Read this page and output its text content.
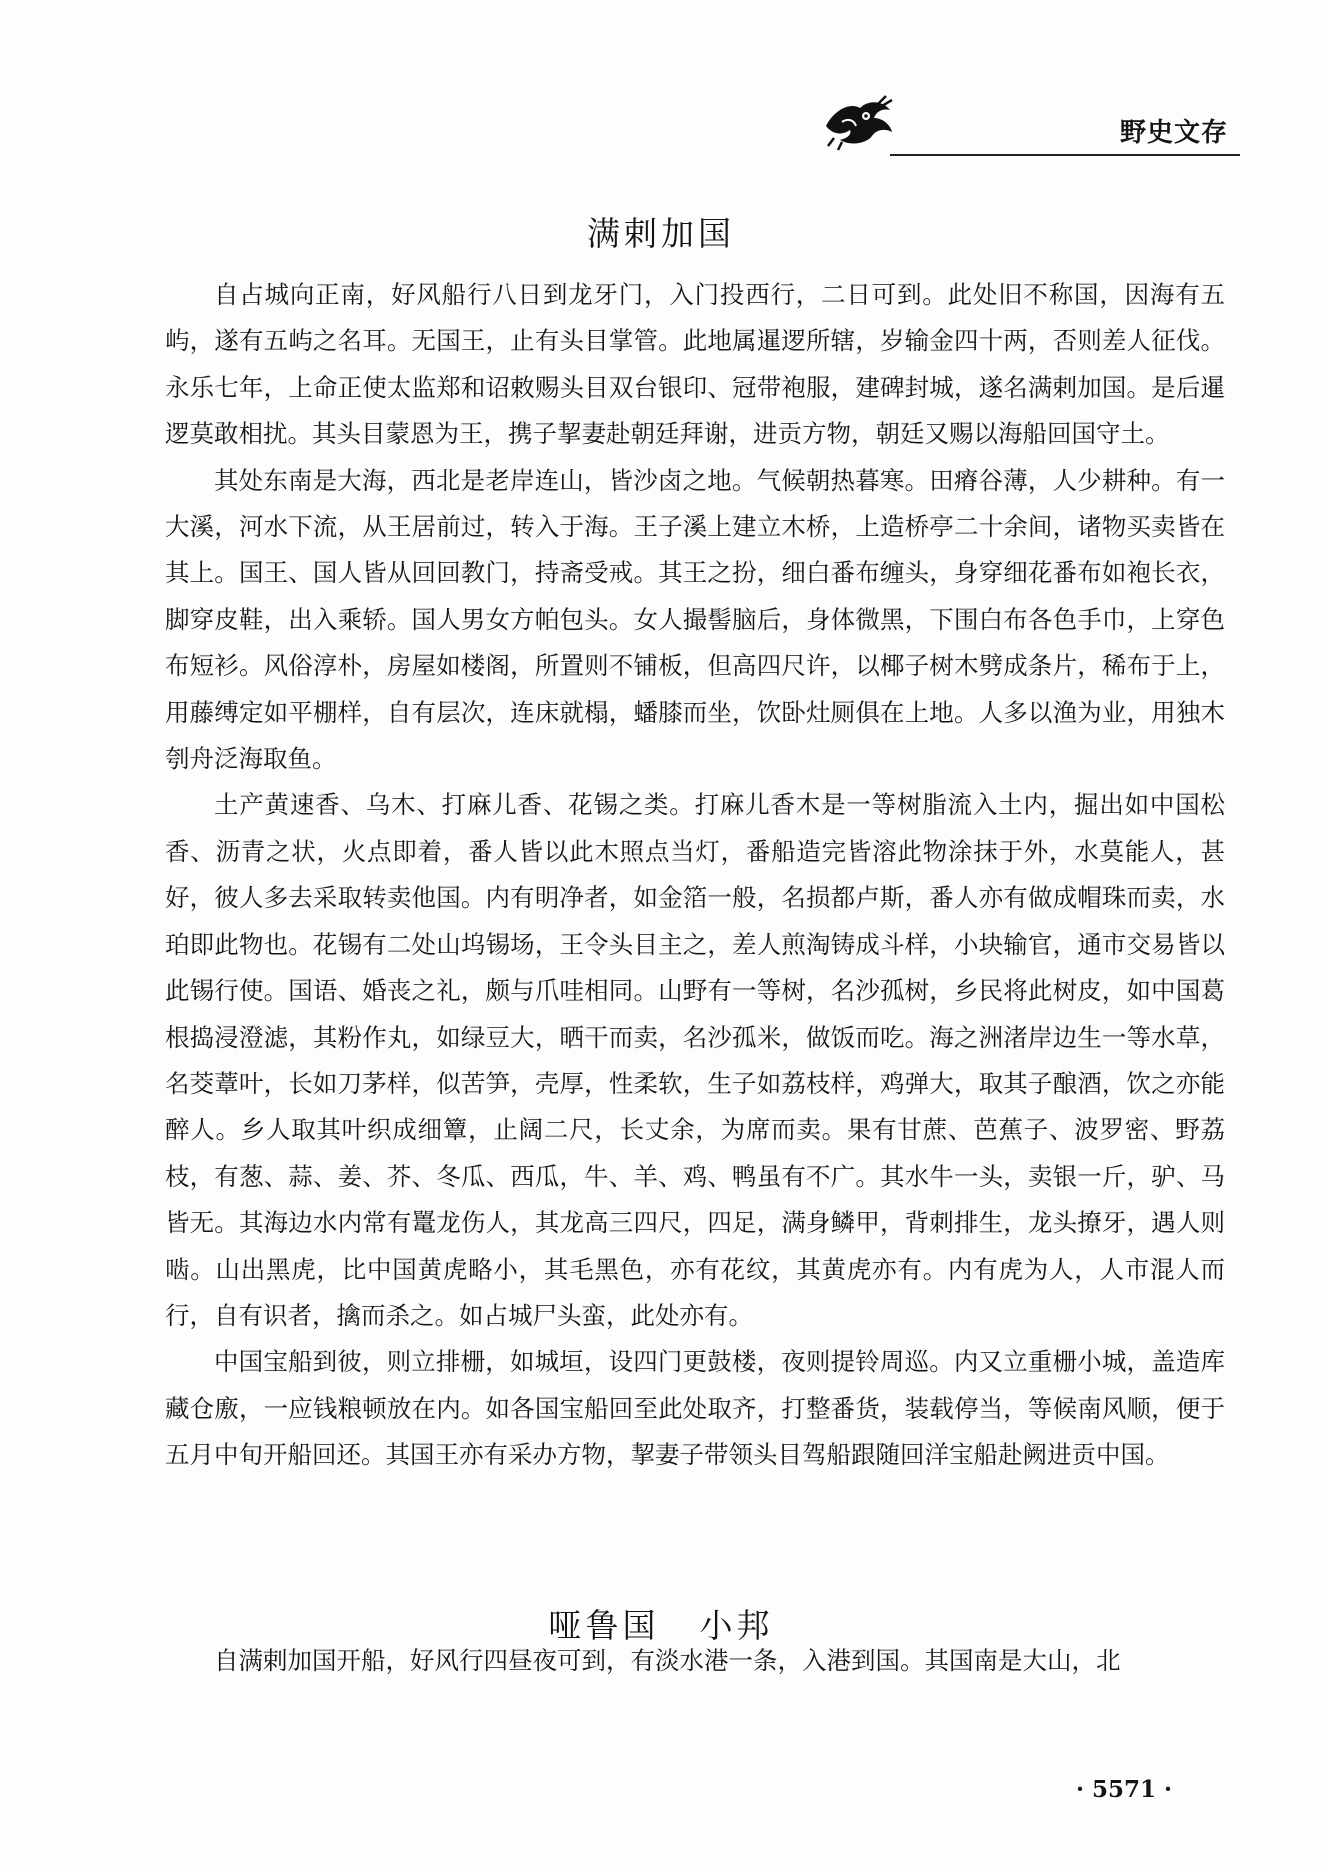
野史文存
满剌加国

自占城向正南，好风船行八日到龙牙门，入门投西行，二日可到。此处旧不称国，因海有五屿，遂有五屿之名耳。无国王，止有头目掌管。此地属暹逻所辖，岁输金四十两，否则差人征伐。永乐七年，上命正使太监郑和诏敕赐头目双台银印、冠带袍服，建碑封城，遂名满剌加国。是后暹逻莫敢相扰。其头目蒙恩为王，携子挈妻赴朝廷拜谢，进贡方物，朝廷又赐以海船回国守土。

其处东南是大海，西北是老岸连山，皆沙卤之地。气候朝热暮寒。田瘠谷薄，人少耕种。有一大溪，河水下流，从王居前过，转入于海。王子溪上建立木桥，上造桥亭二十余间，诸物买卖皆在其上。国王、国人皆从回回教门，持斋受戒。其王之扮，细白番布缠头，身穿细花番布如袍长衣，脚穿皮鞋，出入乘轿。国人男女方帕包头。女人撮髻脑后，身体微黑，下围白布各色手巾，上穿色布短衫。风俗淳朴，房屋如楼阁，所置则不铺板，但高四尺许，以椰子树木劈成条片，稀布于上，用藤缚定如平棚样，自有层次，连床就榻，蟠膝而坐，饮卧灶厕俱在上地。人多以渔为业，用独木刳舟泛海取鱼。

土产黄速香、乌木、打麻儿香、花锡之类。打麻儿香木是一等树脂流入土内，掘出如中国松香、沥青之状，火点即着，番人皆以此木照点当灯，番船造完皆溶此物涂抹于外，水莫能人，甚好，彼人多去采取转卖他国。内有明净者，如金箔一般，名损都卢斯，番人亦有做成帽珠而卖，水珀即此物也。花锡有二处山坞锡场，王令头目主之，差人煎淘铸成斗样，小块输官，通市交易皆以此锡行使。国语、婚丧之礼，颇与爪哇相同。山野有一等树，名沙孤树，乡民将此树皮，如中国葛根捣浸澄滤，其粉作丸，如绿豆大，晒干而卖，名沙孤米，做饭而吃。海之洲渚岸边生一等水草，名茭蔁叶，长如刀茅样，似苦笋，壳厚，性柔软，生子如荔枝样，鸡弹大，取其子酿酒，饮之亦能醉人。乡人取其叶织成细簟，止阔二尺，长丈余，为席而卖。果有甘蔗、芭蕉子、波罗密、野荔枝，有葱、蒜、姜、芥、冬瓜、西瓜，牛、羊、鸡、鸭虽有不广。其水牛一头，卖银一斤，驴、马皆无。其海边水内常有鼍龙伤人，其龙高三四尺，四足，满身鳞甲，背刺排生，龙头撩牙，遇人则啮。山出黑虎，比中国黄虎略小，其毛黑色，亦有花纹，其黄虎亦有。内有虎为人，人市混人而行，自有识者，擒而杀之。如占城尸头蛮，此处亦有。

中国宝船到彼，则立排栅，如城垣，设四门更鼓楼，夜则提铃周巡。内又立重栅小城，盖造库藏仓廒，一应钱粮顿放在内。如各国宝船回至此处取齐，打整番货，装载停当，等候南风顺，便于五月中旬开船回还。其国王亦有采办方物，挈妻子带领头目驾船跟随回洋宝船赴阙进贡中国。

哑鲁国 小邦

自满剌加国开船，好风行四昼夜可到，有淡水港一条，入港到国。其国南是大山，北

· 5571 ·
